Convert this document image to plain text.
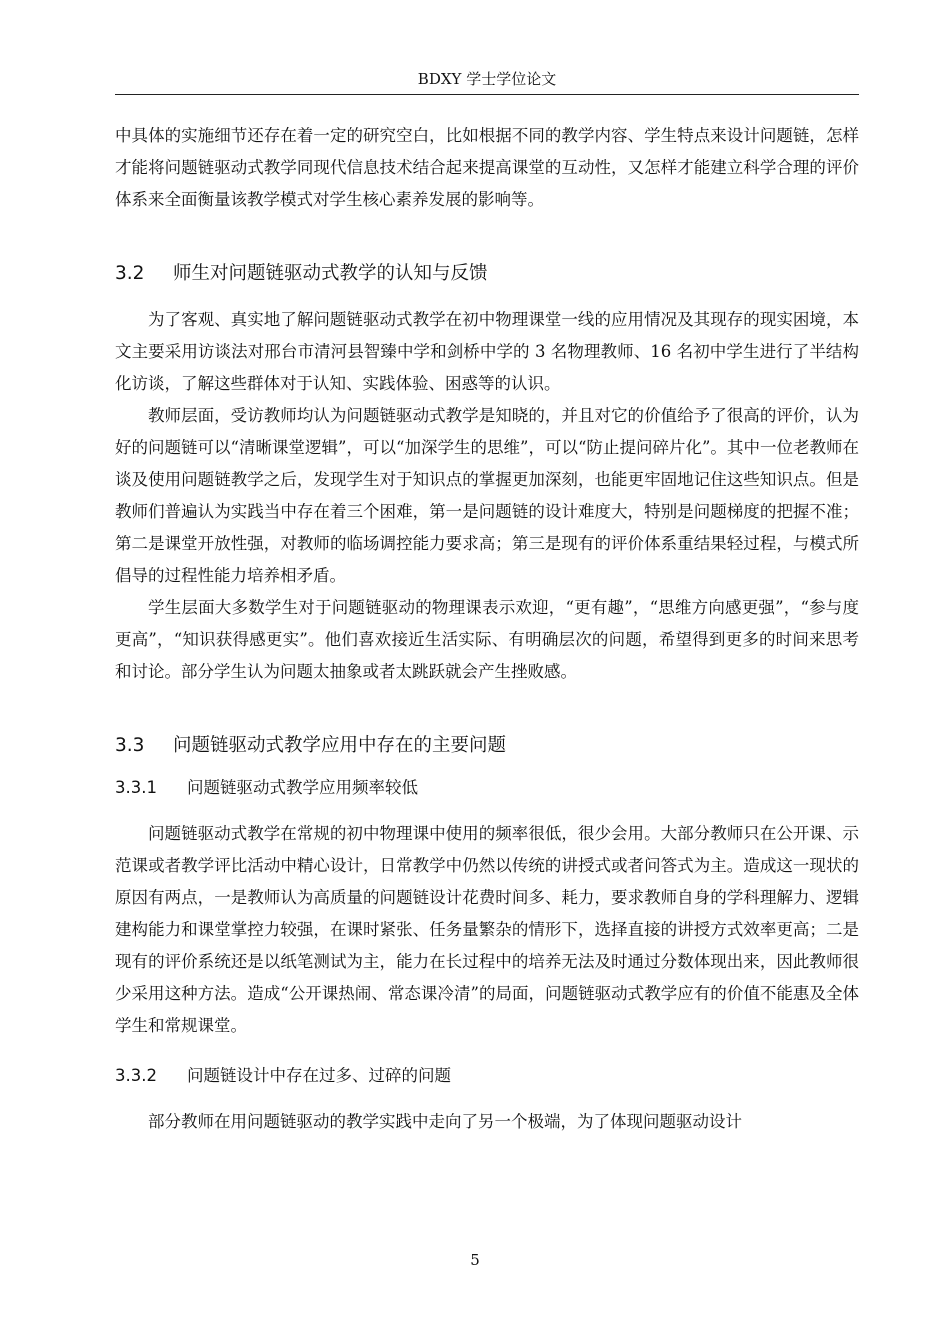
BDXY 学士学位论文

中具体的实施细节还存在着一定的研究空白，比如根据不同的教学内容、学生特点来设计问题链，怎样才能将问题链驱动式教学同现代信息技术结合起来提高课堂的互动性，又怎样才能建立科学合理的评价体系来全面衡量该教学模式对学生核心素养发展的影响等。

3.2 师生对问题链驱动式教学的认知与反馈

为了客观、真实地了解问题链驱动式教学在初中物理课堂一线的应用情况及其现存的现实困境，本文主要采用访谈法对邢台市清河县智臻中学和剑桥中学的 3 名物理教师、16 名初中学生进行了半结构化访谈，了解这些群体对于认知、实践体验、困惑等的认识。

教师层面，受访教师均认为问题链驱动式教学是知晓的，并且对它的价值给予了很高的评价，认为好的问题链可以“清晰课堂逻辑”，可以“加深学生的思维”，可以“防止提问碎片化”。其中一位老教师在谈及使用问题链教学之后，发现学生对于知识点的掌握更加深刻，也能更牢固地记住这些知识点。但是教师们普遍认为实践当中存在着三个困难，第一是问题链的设计难度大，特别是问题梯度的把握不准；第二是课堂开放性强，对教师的临场调控能力要求高；第三是现有的评价体系重结果轻过程，与模式所倡导的过程性能力培养相矛盾。

学生层面大多数学生对于问题链驱动的物理课表示欢迎，“更有趣”，“思维方向感更强”，“参与度更高”，“知识获得感更实”。他们喜欢接近生活实际、有明确层次的问题，希望得到更多的时间来思考和讨论。部分学生认为问题太抽象或者太跳跃就会产生挫败感。

3.3 问题链驱动式教学应用中存在的主要问题
3.3.1 问题链驱动式教学应用频率较低

问题链驱动式教学在常规的初中物理课中使用的频率很低，很少会用。大部分教师只在公开课、示范课或者教学评比活动中精心设计，日常教学中仍然以传统的讲授式或者问答式为主。造成这一现状的原因有两点，一是教师认为高质量的问题链设计花费时间多、耗力，要求教师自身的学科理解力、逻辑建构能力和课堂掌控力较强，在课时紧张、任务量繁杂的情形下，选择直接的讲授方式效率更高；二是现有的评价系统还是以纸笔测试为主，能力在长过程中的培养无法及时通过分数体现出来，因此教师很少采用这种方法。造成“公开课热闹、常态课冷清”的局面，问题链驱动式教学应有的价值不能惠及全体学生和常规课堂。

3.3.2 问题链设计中存在过多、过碎的问题

部分教师在用问题链驱动的教学实践中走向了另一个极端，为了体现问题驱动设计

5
